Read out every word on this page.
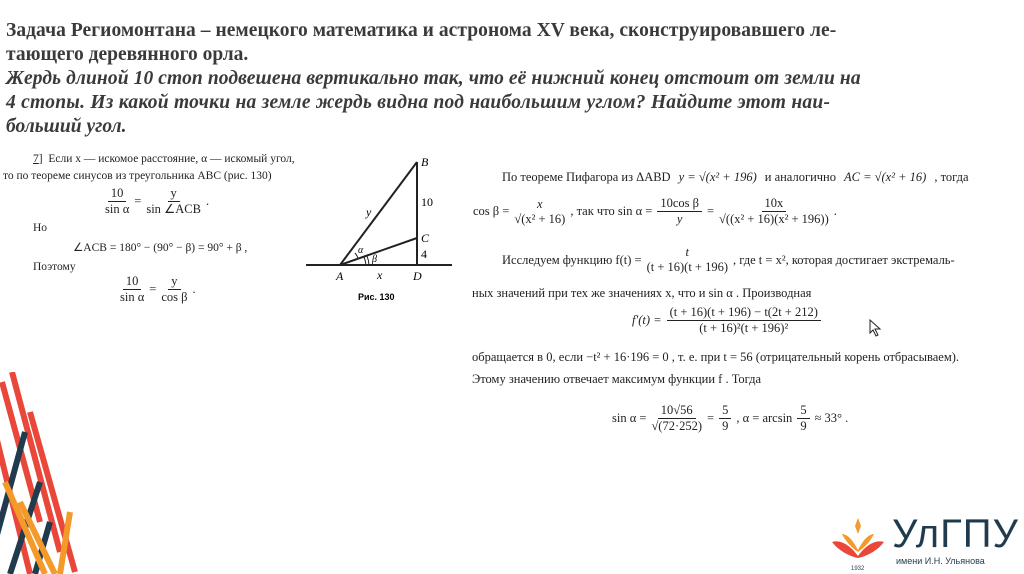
Задача Региомонтана – немецкого математика и астронома XV века, сконструировавшего ле-
тающего деревянного орла.
Жердь длиной 10 стоп подвешена вертикально так, что её нижний конец отстоит от земли на
4 стопы. Из какой точки на земле жердь видна под наибольшим углом? Найдите этот наи-
больший угол.
7]  Если x — искомое расстояние, α — искомый угол,
то по теореме синусов из треугольника ABC (рис. 130)
$\frac{10}{\text{sin α}}$ =
y
sin ∠ACB
.
Но
∠ACB = 180° − (90° − β) = 90° + β ,
Поэтому
$\frac{10}{\text{sin α}} = \frac{y}{\text{cos β}}$ .
B
C
A	D
y
x
10
4
α
β
Рис. 130
По теореме Пифагора из ΔABD y = √(x² + 196) и аналогично AC = √(x² + 16) , тогда
cos β =
x
√(x² + 16)
, так что $\sin \alpha = \frac{\text{10cos β}}{y} = \frac{10x}{\text{√((x² + 16)(x² + 196))}}$ .
Исследуем функцию f(t) =
t
(t + 16)(t + 196)
, где t = x², которая достигает экстремаль-
ных значений при тех же значениях x, что и sin α . Производная
$f'(t) = \frac{(t + 16)(t + 196) - t(2t + 212)}{\text{(t + 16)²(t + 196)²}}$
обращается в 0, если −t² + 16·196 = 0 , т. е. при t = 56 (отрицательный корень отбрасываем).
Этому значению отвечает максимум функции f . Тогда
$\sin \alpha = \frac{10√56}{√(72\cdot 252)} = \frac{5}{9}$ , $\alpha = \arcsin \frac{5}{9} \approx 33^\circ$ .
1932
УлГПУ
имени И.Н. Ульянова
